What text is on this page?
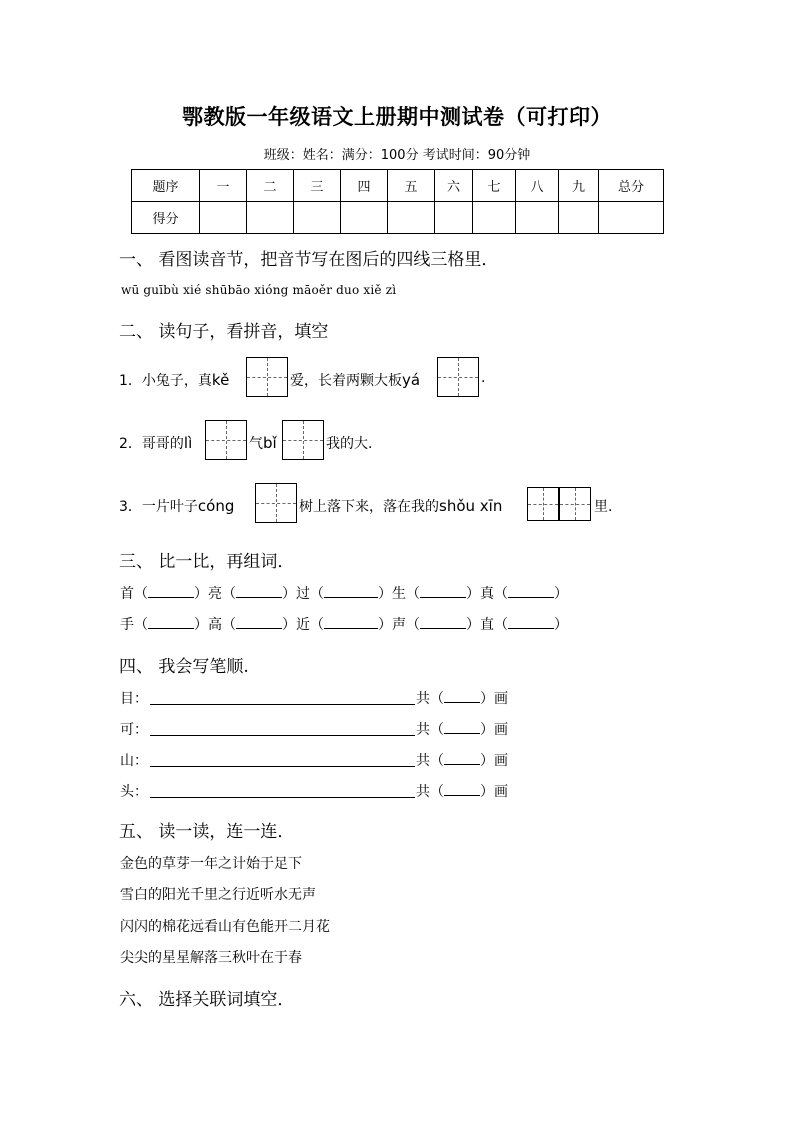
鄂教版一年级语文上册期中测试卷（可打印）
班级：姓名：满分：100分 考试时间：90分钟
题序	一	二	三	四	五	六	七	八	九	总分
得分										
一、 看图读音节，把音节写在图后的四线三格里．
wū guībù xié shūbāo xióng māoěr duo xiě zì
二、 读句子，看拼音，填空
1．小兔子，真kě	爱，长着两颗大板yá	.
2．哥哥的lì	气bǐ	我的大.
3．一片叶子cóng	树上落下来，落在我的shǒu xīn	里.
三、 比一比，再组词．
首（	）亮（	）过（	）生（	）真（	）
手（	）高（	）近（	）声（	）直（	）
四、 我会写笔顺.
目：	共（	）画
可：	共（	）画
山：	共（	）画
头：	共（	）画
五、 读一读，连一连．
金色的草芽一年之计始于足下
雪白的阳光千里之行近听水无声
闪闪的棉花远看山有色能开二月花
尖尖的星星解落三秋叶在于春
六、 选择关联词填空．
